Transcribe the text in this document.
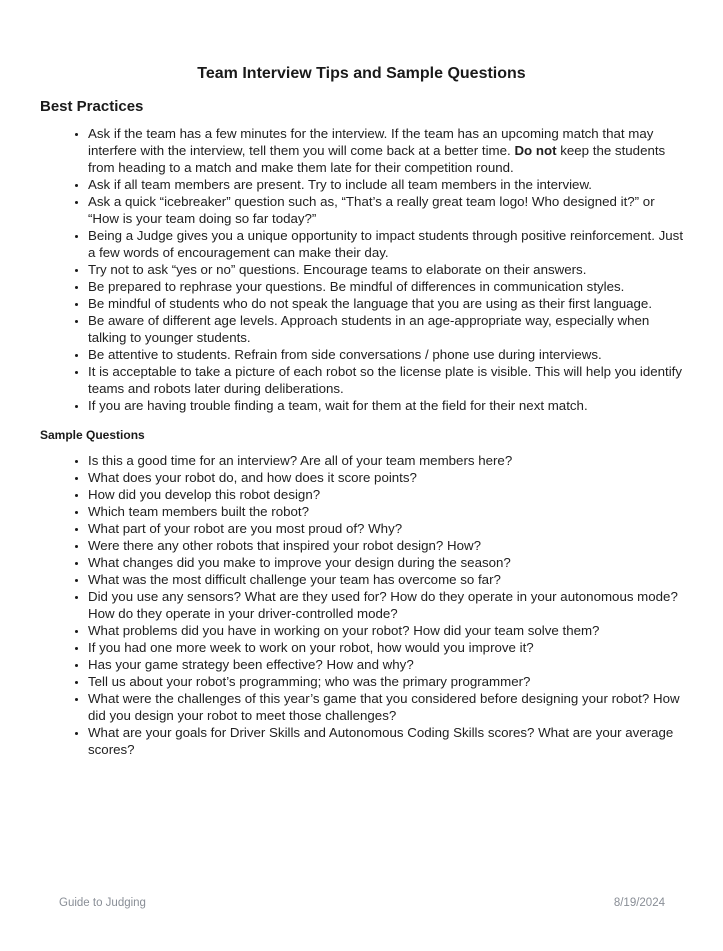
Team Interview Tips and Sample Questions
Best Practices
• Ask if the team has a few minutes for the interview. If the team has an upcoming match that may interfere with the interview, tell them you will come back at a better time. Do not keep the students from heading to a match and make them late for their competition round.
• Ask if all team members are present. Try to include all team members in the interview.
• Ask a quick “icebreaker” question such as, “That’s a really great team logo! Who designed it?” or “How is your team doing so far today?”
• Being a Judge gives you a unique opportunity to impact students through positive reinforcement. Just a few words of encouragement can make their day.
• Try not to ask “yes or no” questions. Encourage teams to elaborate on their answers.
• Be prepared to rephrase your questions. Be mindful of differences in communication styles.
• Be mindful of students who do not speak the language that you are using as their first language.
• Be aware of different age levels. Approach students in an age-appropriate way, especially when talking to younger students.
• Be attentive to students. Refrain from side conversations / phone use during interviews.
• It is acceptable to take a picture of each robot so the license plate is visible. This will help you identify teams and robots later during deliberations.
• If you are having trouble finding a team, wait for them at the field for their next match.
Sample Questions
• Is this a good time for an interview? Are all of your team members here?
• What does your robot do, and how does it score points?
• How did you develop this robot design?
• Which team members built the robot?
• What part of your robot are you most proud of? Why?
• Were there any other robots that inspired your robot design? How?
• What changes did you make to improve your design during the season?
• What was the most difficult challenge your team has overcome so far?
• Did you use any sensors? What are they used for? How do they operate in your autonomous mode? How do they operate in your driver-controlled mode?
• What problems did you have in working on your robot? How did your team solve them?
• If you had one more week to work on your robot, how would you improve it?
• Has your game strategy been effective? How and why?
• Tell us about your robot’s programming; who was the primary programmer?
• What were the challenges of this year’s game that you considered before designing your robot? How did you design your robot to meet those challenges?
• What are your goals for Driver Skills and Autonomous Coding Skills scores? What are your average scores?
Guide to Judging	8/19/2024
